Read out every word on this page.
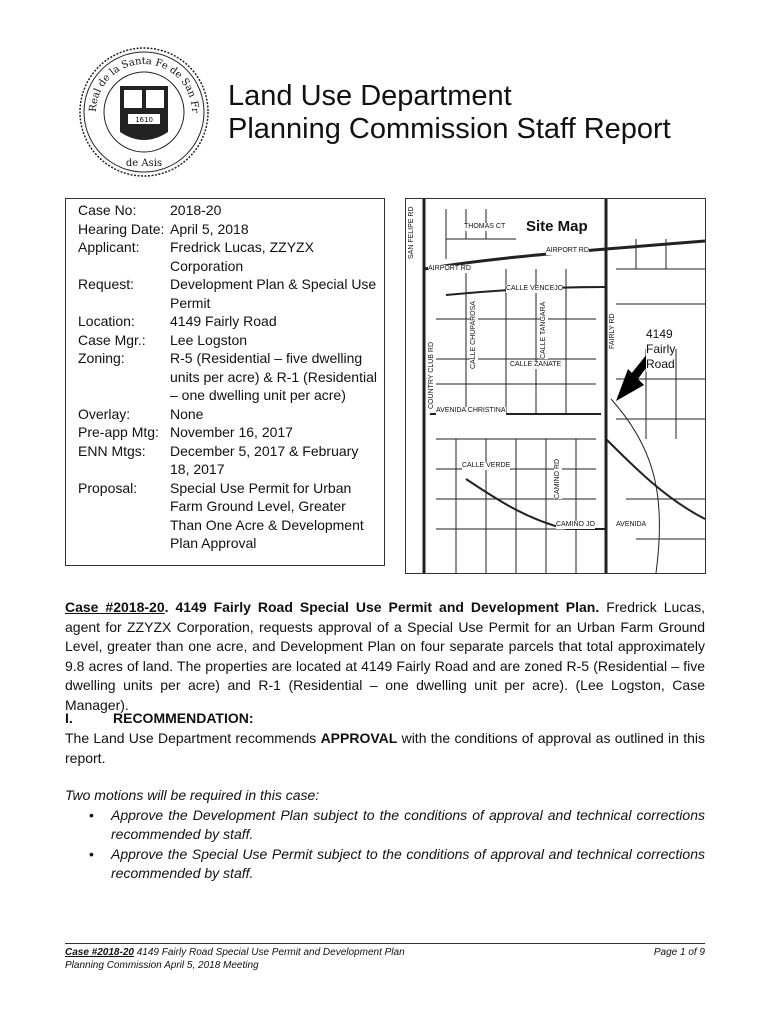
Real de la Santa Fe de San Fr
de Asis
1610
Land Use Department
Planning Commission Staff Report
Case No:	2018-20
Hearing Date: April 5, 2018
Applicant:	Fredrick Lucas, ZZYZX Corporation
Request:	Development Plan & Special Use Permit
Location:	4149 Fairly Road
Case Mgr.:	Lee Logston
Zoning:	R-5 (Residential – five dwelling units per acre) & R-1 (Residential – one dwelling unit per acre)
Overlay:	None
Pre-app Mtg: November 16, 2017
ENN Mtgs:	December 5, 2017 & February 18, 2017
Proposal:	Special Use Permit for Urban Farm Ground Level, Greater Than One Acre & Development Plan Approval
Site Map
4149
Fairly
Road
THOMAS CT
AIRPORT RD
AIRPORT RD
CALLE VENCEJO
CALLE ZANATE
AVENIDA CHRISTINA
CALLE VERDE
CAMINO JO	AVENIDA
SAN FELIPE RD
CALLE CHUPAROSA	CALLE TANGARA
COUNTRY CLUB RD
FAIRLY RD
CAMINO RD
Case #2018-20. 4149 Fairly Road Special Use Permit and Development Plan. Fredrick Lucas, agent for ZZYZX Corporation, requests approval of a Special Use Permit for an Urban Farm Ground Level, greater than one acre, and Development Plan on four separate parcels that total approximately 9.8 acres of land. The properties are located at 4149 Fairly Road and are zoned R-5 (Residential – five dwelling units per acre) and R-1 (Residential – one dwelling unit per acre). (Lee Logston, Case Manager).
I.	RECOMMENDATION:
The Land Use Department recommends APPROVAL with the conditions of approval as outlined in this report.
Two motions will be required in this case:
• Approve the Development Plan subject to the conditions of approval and technical corrections recommended by staff.
• Approve the Special Use Permit subject to the conditions of approval and technical corrections recommended by staff.
Case #2018-20 4149 Fairly Road Special Use Permit and Development Plan
Planning Commission April 5, 2018 Meeting
Page 1 of 9
